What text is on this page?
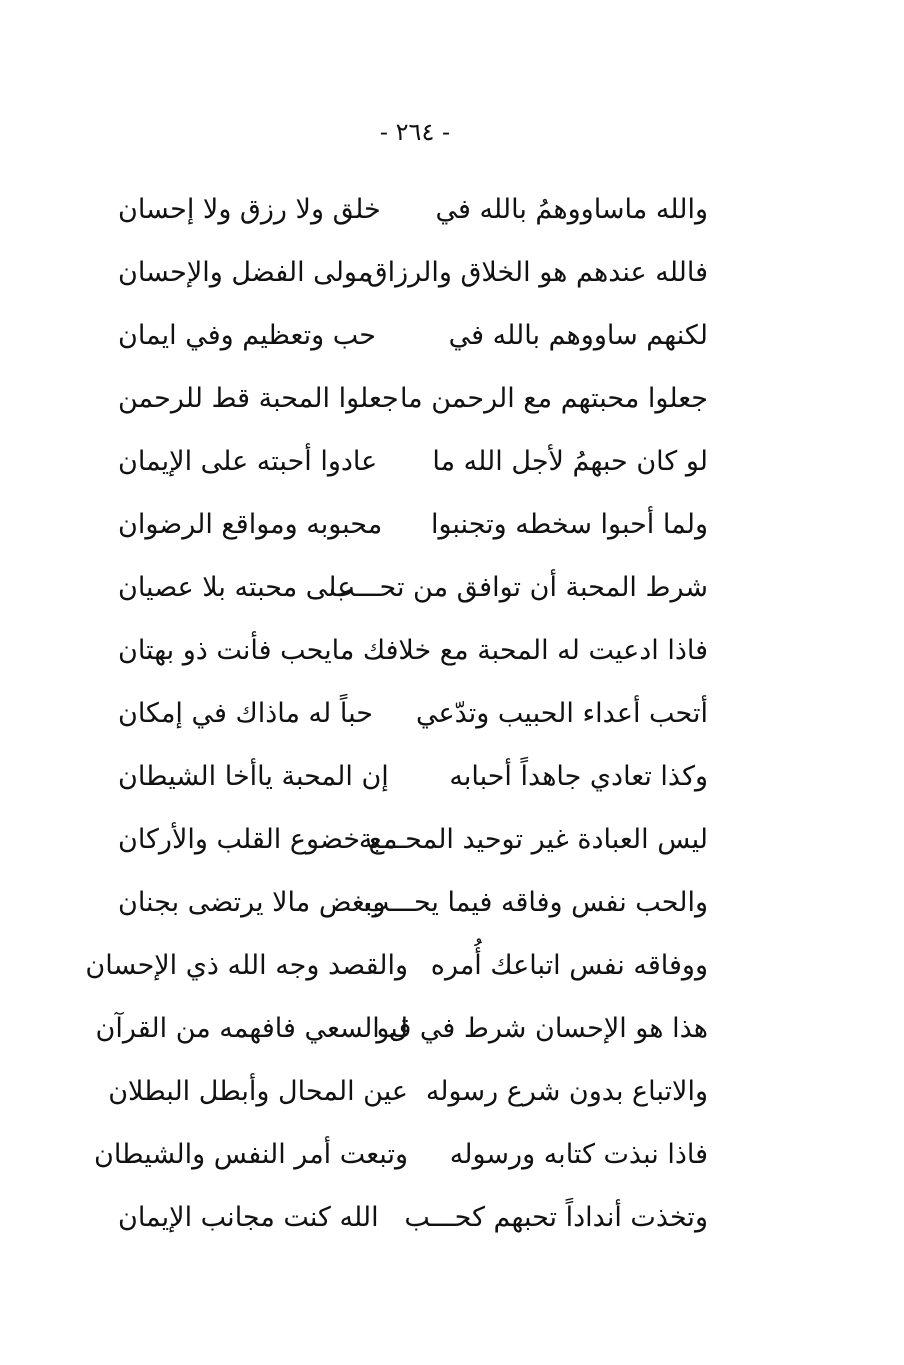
- ٢٦٤ -
والله ماساووهمُ بالله في
خلق ولا رزق ولا إحسان
فالله عندهم هو الخلاق والرزاق
مولى الفضل والإحسان
لكنهم ساووهم بالله في
حب وتعظيم وفي ايمان
جعلوا محبتهم مع الرحمن ما
جعلوا المحبة قط للرحمن
لو كان حبهمُ لأجل الله ما
عادوا أحبته على الإيمان
ولما أحبوا سخطه وتجنبوا
محبوبه ومواقع الرضوان
شرط المحبة أن توافق من تحـــب
على محبته بلا عصيان
فاذا ادعيت له المحبة مع خلا
فك مايحب فأنت ذو بهتان
أتحب أعداء الحبيب وتدّعي
حباً له ماذاك في إمكان
وكذا تعادي جاهداً أحبابه
إن المحبة ياأخا الشيطان
ليس العبادة غير توحيد المحـــبة
مع خضوع القلب والأركان
والحب نفس وفاقه فيما يحـــب
وبغض مالا يرتضى بجنان
ووفاقه نفس اتباعك أُمره
والقصد وجه الله ذي الإحسان
هذا هو الإحسان شرط في قبو
ل السعي فافهمه من القرآن
والاتباع بدون شرع رسوله
عين المحال وأبطل البطلان
فاذا نبذت كتابه ورسوله
وتبعت أمر النفس والشيطان
وتخذت أنداداً تحبهم كحـــب
الله كنت مجانب الإيمان
